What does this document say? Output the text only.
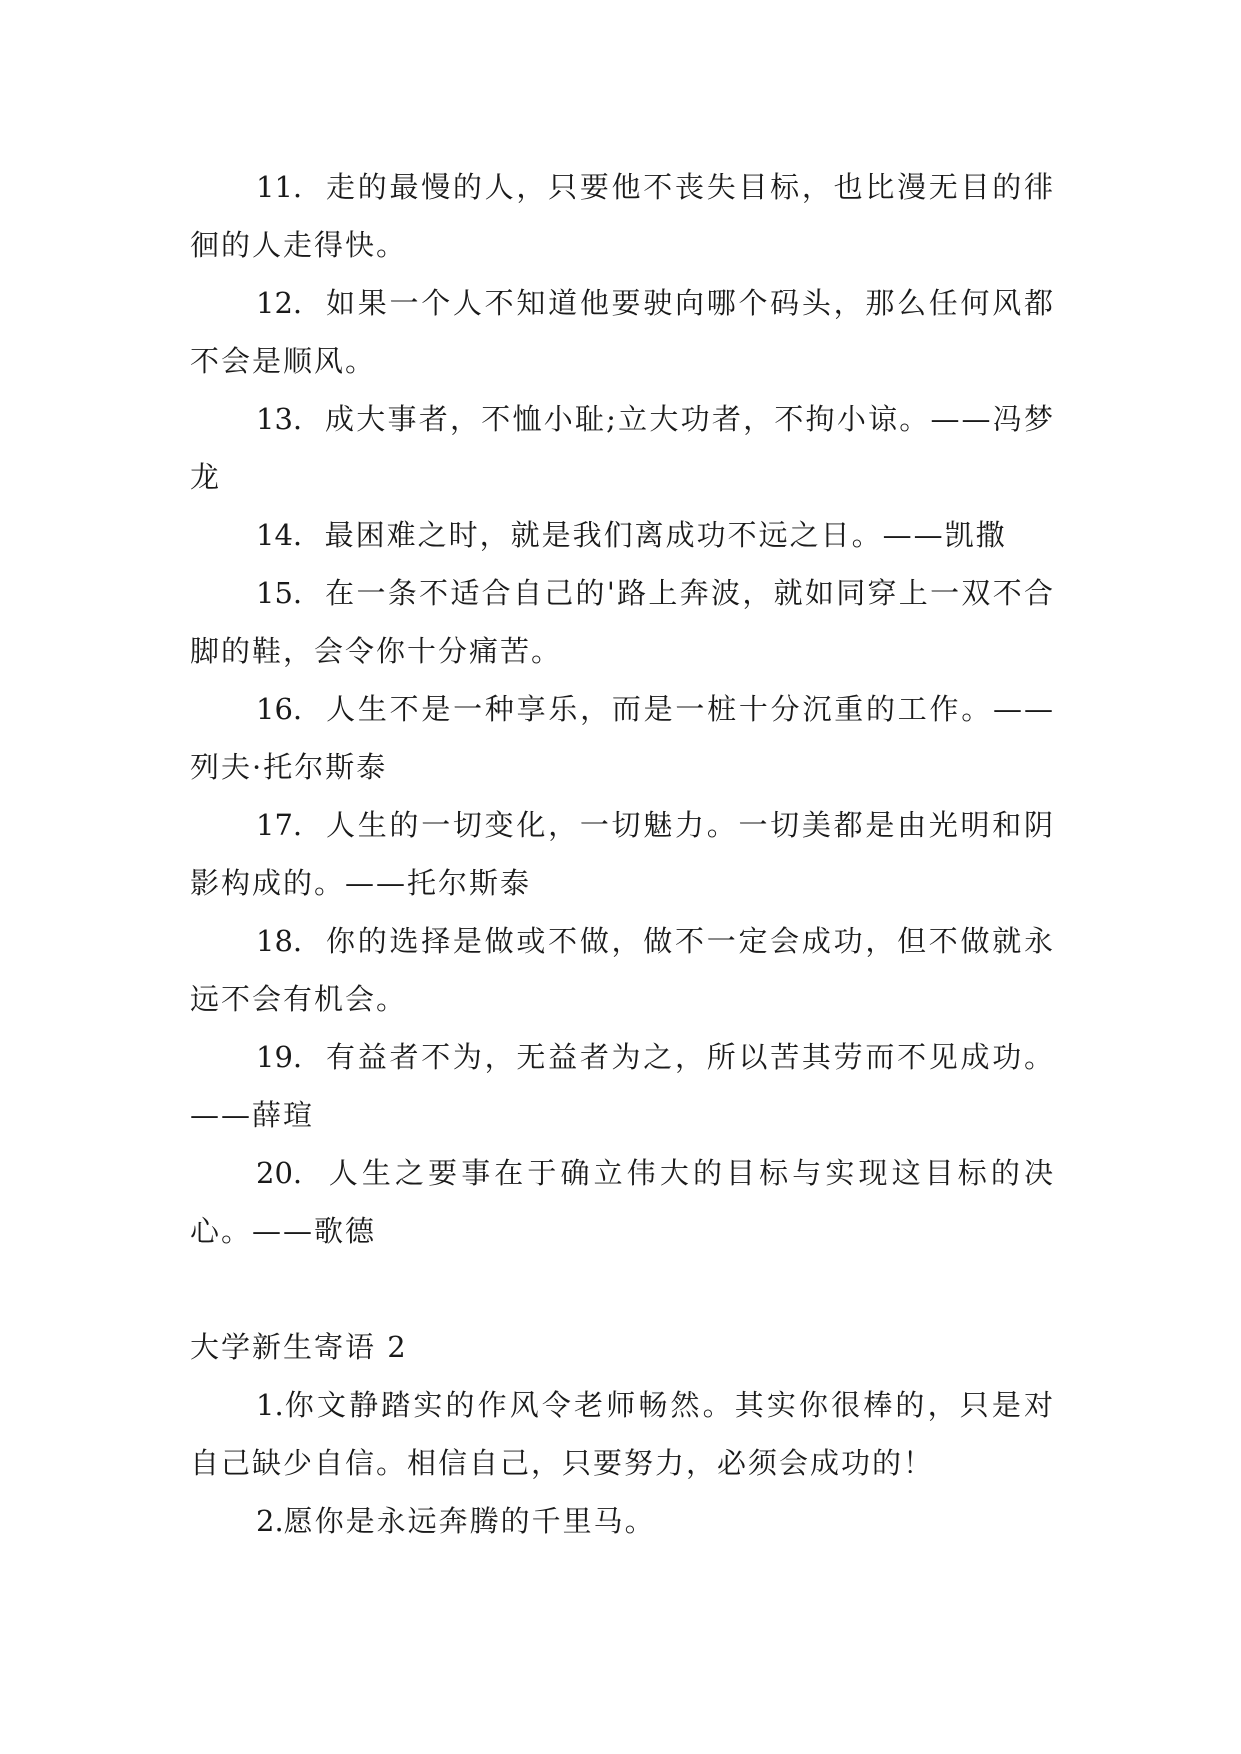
11. 走的最慢的人，只要他不丧失目标，也比漫无目的徘徊的人走得快。

12. 如果一个人不知道他要驶向哪个码头，那么任何风都不会是顺风。

13. 成大事者，不恤小耻;立大功者，不拘小谅。——冯梦龙

14. 最困难之时，就是我们离成功不远之日。——凯撒

15. 在一条不适合自己的'路上奔波，就如同穿上一双不合脚的鞋，会令你十分痛苦。

16. 人生不是一种享乐，而是一桩十分沉重的工作。——列夫·托尔斯泰

17. 人生的一切变化，一切魅力。一切美都是由光明和阴影构成的。——托尔斯泰

18. 你的选择是做或不做，做不一定会成功，但不做就永远不会有机会。

19. 有益者不为，无益者为之，所以苦其劳而不见成功。——薛瑄

20. 人生之要事在于确立伟大的目标与实现这目标的决心。——歌德

大学新生寄语 2

1.你文静踏实的作风令老师畅然。其实你很棒的，只是对自己缺少自信。相信自己，只要努力，必须会成功的！

2.愿你是永远奔腾的千里马。
